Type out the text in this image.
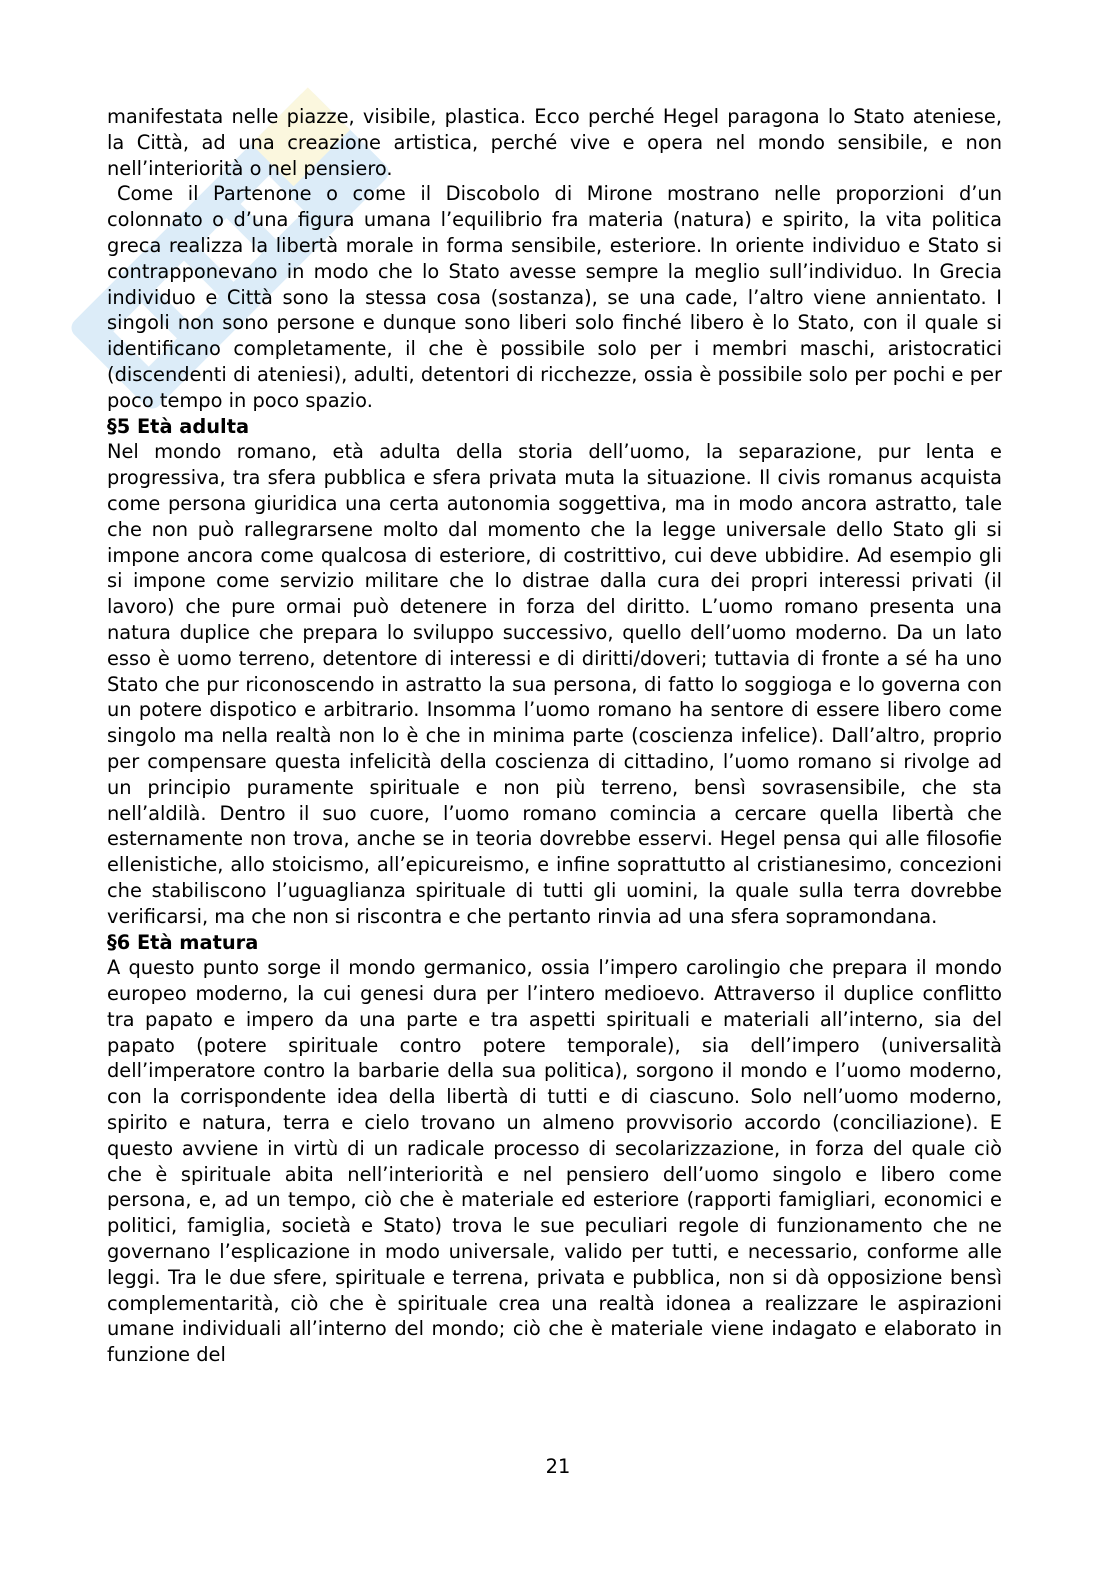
manifestata nelle piazze, visibile, plastica. Ecco perché Hegel paragona lo Stato ateniese, la Città, ad una creazione artistica, perché vive e opera nel mondo sensibile, e non nell’interiorità o nel pensiero.

Come il Partenone o come il Discobolo di Mirone mostrano nelle proporzioni d’un colonnato o d’una figura umana l’equilibrio fra materia (natura) e spirito, la vita politica greca realizza la libertà morale in forma sensibile, esteriore. In oriente individuo e Stato si contrapponevano in modo che lo Stato avesse sempre la meglio sull’individuo. In Grecia individuo e Città sono la stessa cosa (sostanza), se una cade, l’altro viene annientato. I singoli non sono persone e dunque sono liberi solo finché libero è lo Stato, con il quale si identificano completamente, il che è possibile solo per i membri maschi, aristocratici (discendenti di ateniesi), adulti, detentori di ricchezze, ossia è possibile solo per pochi e per poco tempo in poco spazio.

§5 Età adulta

Nel mondo romano, età adulta della storia dell’uomo, la separazione, pur lenta e progressiva, tra sfera pubblica e sfera privata muta la situazione. Il civis romanus acquista come persona giuridica una certa autonomia soggettiva, ma in modo ancora astratto, tale che non può rallegrarsene molto dal momento che la legge universale dello Stato gli si impone ancora come qualcosa di esteriore, di costrittivo, cui deve ubbidire. Ad esempio gli si impone come servizio militare che lo distrae dalla cura dei propri interessi privati (il lavoro) che pure ormai può detenere in forza del diritto. L’uomo romano presenta una natura duplice che prepara lo sviluppo successivo, quello dell’uomo moderno. Da un lato esso è uomo terreno, detentore di interessi e di diritti/doveri; tuttavia di fronte a sé ha uno Stato che pur riconoscendo in astratto la sua persona, di fatto lo soggioga e lo governa con un potere dispotico e arbitrario. Insomma l’uomo romano ha sentore di essere libero come singolo ma nella realtà non lo è che in minima parte (coscienza infelice). Dall’altro, proprio per compensare questa infelicità della coscienza di cittadino, l’uomo romano si rivolge ad un principio puramente spirituale e non più terreno, bensì sovrasensibile, che sta nell’aldilà. Dentro il suo cuore, l’uomo romano comincia a cercare quella libertà che esternamente non trova, anche se in teoria dovrebbe esservi. Hegel pensa qui alle filosofie ellenistiche, allo stoicismo, all’epicureismo, e infine soprattutto al cristianesimo, concezioni che stabiliscono l’uguaglianza spirituale di tutti gli uomini, la quale sulla terra dovrebbe verificarsi, ma che non si riscontra e che pertanto rinvia ad una sfera sopramondana.

§6 Età matura

A questo punto sorge il mondo germanico, ossia l’impero carolingio che prepara il mondo europeo moderno, la cui genesi dura per l’intero medioevo. Attraverso il duplice conflitto tra papato e impero da una parte e tra aspetti spirituali e materiali all’interno, sia del papato (potere spirituale contro potere temporale), sia dell’impero (universalità dell’imperatore contro la barbarie della sua politica), sorgono il mondo e l’uomo moderno, con la corrispondente idea della libertà di tutti e di ciascuno. Solo nell’uomo moderno, spirito e natura, terra e cielo trovano un almeno provvisorio accordo (conciliazione). E questo avviene in virtù di un radicale processo di secolarizzazione, in forza del quale ciò che è spirituale abita nell’interiorità e nel pensiero dell’uomo singolo e libero come persona, e, ad un tempo, ciò che è materiale ed esteriore (rapporti famigliari, economici e politici, famiglia, società e Stato) trova le sue peculiari regole di funzionamento che ne governano l’esplicazione in modo universale, valido per tutti, e necessario, conforme alle leggi. Tra le due sfere, spirituale e terrena, privata e pubblica, non si dà opposizione bensì complementarità, ciò che è spirituale crea una realtà idonea a realizzare le aspirazioni umane individuali all’interno del mondo; ciò che è materiale viene indagato e elaborato in funzione del

21
